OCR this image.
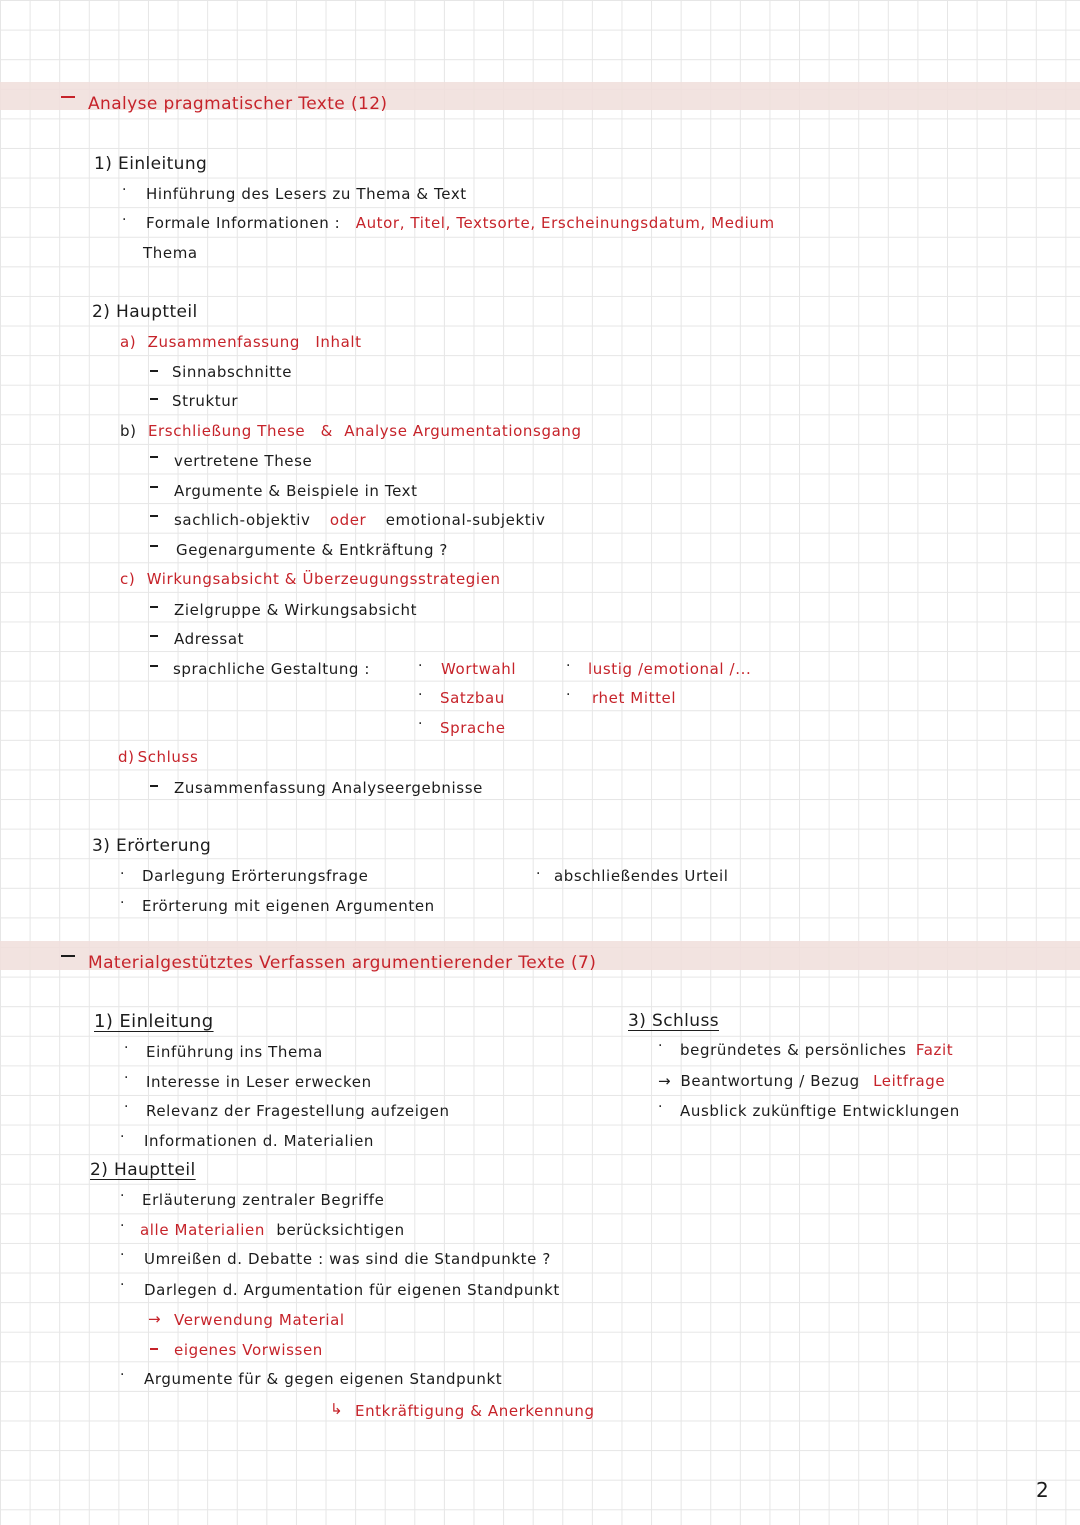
Analyse pragmatischer Texte (12)
1) Einleitung
· Hinführung des Lesers zu Thema & Text
· Formale Informationen : Autor, Titel, Textsorte, Erscheinungsdatum, Medium
Thema
2) Hauptteil
a) Zusammenfassung Inhalt
Sinnabschnitte
Struktur
b) Erschließung These & Analyse Argumentationsgang
vertretene These
Argumente & Beispiele in Text
sachlich-objektiv oder emotional-subjektiv
Gegenargumente & Entkräftung ?
c) Wirkungsabsicht & Überzeugungsstrategien
Zielgruppe & Wirkungsabsicht
Adressat
sprachliche Gestaltung :	· Wortwahl
· Satzbau
· Sprache
· lustig /emotional /...
· rhet Mittel
d) Schluss
Zusammenfassung Analyseergebnisse
3) Erörterung
· Darlegung Erörterungsfrage
· Erörterung mit eigenen Argumenten
· abschließendes Urteil
Materialgestütztes Verfassen argumentierender Texte (7)
1) Einleitung
· Einführung ins Thema
· Interesse in Leser erwecken
· Relevanz der Fragestellung aufzeigen
· Informationen d. Materialien
2) Hauptteil
· Erläuterung zentraler Begriffe
· alle Materialien berücksichtigen
· Umreißen d. Debatte : was sind die Standpunkte ?
· Darlegen d. Argumentation für eigenen Standpunkt
→ Verwendung Material
eigenes Vorwissen
· Argumente für & gegen eigenen Standpunkt
↳ Entkräftigung & Anerkennung
3) Schluss
· begründetes & persönliches Fazit
→ Beantwortung / Bezug Leitfrage
· Ausblick zukünftige Entwicklungen
2
